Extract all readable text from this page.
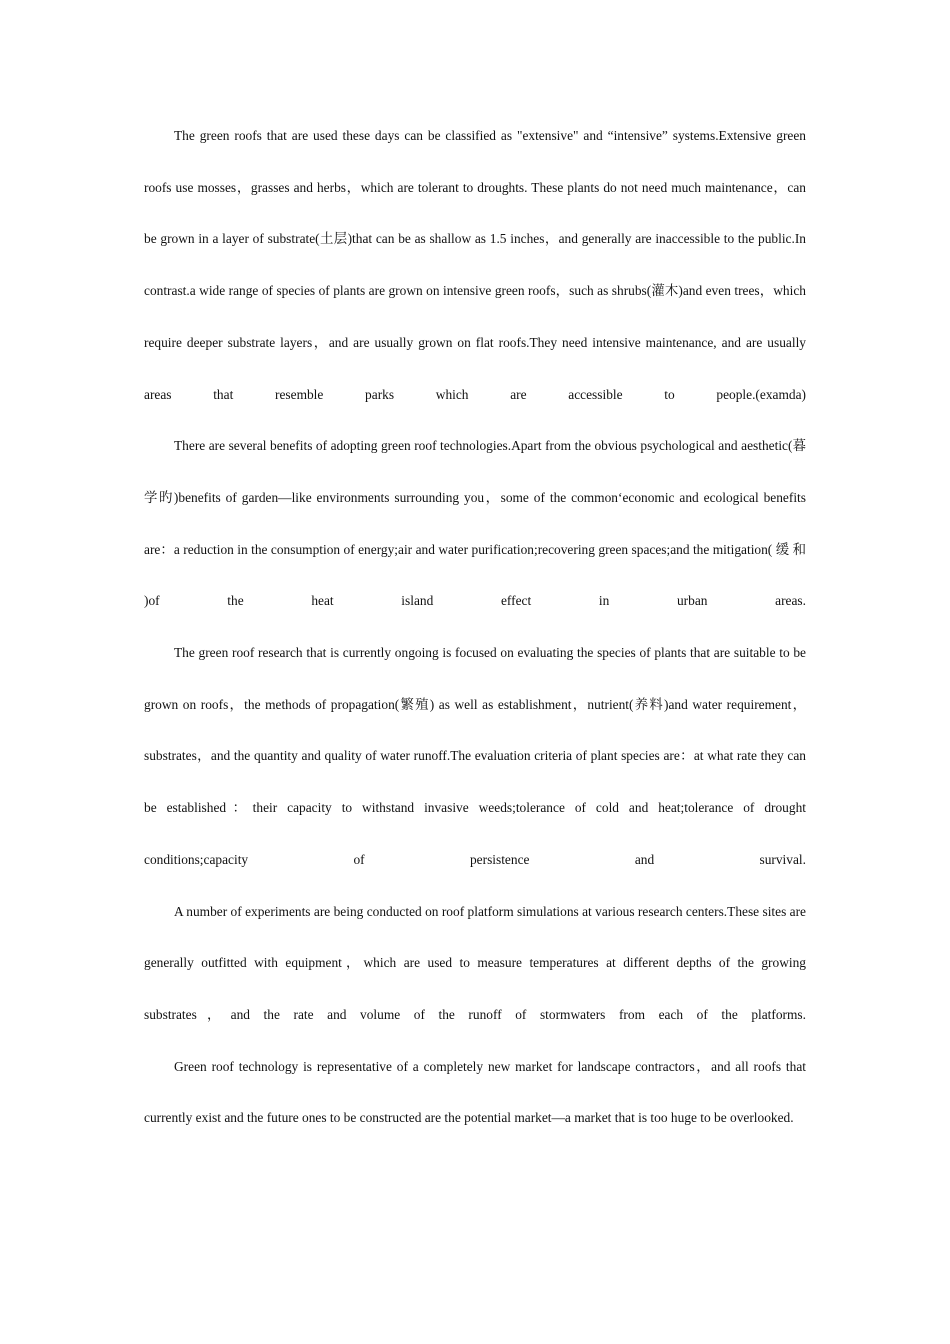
The green roofs that are used these days can be classified as "extensive" and “intensive” systems.Extensive green roofs use mosses，grasses and herbs，which are tolerant to droughts. These plants do not need much maintenance，can be grown in a layer of substrate(土层)that can be as shallow as 1.5 inches，and generally are inaccessible to the public.In contrast.a wide range of species of plants are grown on intensive green roofs，such as shrubs(灌木)and even trees，which require deeper substrate layers，and are usually grown on flat roofs.They need intensive maintenance, and are usually areas that resemble parks which are accessible to people.(examda)

There are several benefits of adopting green roof technologies.Apart from the obvious psychological and aesthetic(暮学旳)benefits of garden—like environments surrounding you，some of the common‘economic and ecological benefits are：a reduction in the consumption of energy;air and water purification;recovering green spaces;and the mitigation( 缓 和 )of the heat island effect in urban areas.

The green roof research that is currently ongoing is focused on evaluating the species of plants that are suitable to be grown on roofs，the methods of propagation(繁殖) as well as establishment，nutrient(养料)and water requirement，substrates，and the quantity and quality of water runoff.The evaluation criteria of plant species are：at what rate they can be established：their capacity to withstand invasive weeds;tolerance of cold and heat;tolerance of drought conditions;capacity of persistence and survival.

A number of experiments are being conducted on roof platform simulations at various research centers.These sites are generally outfitted with equipment，which are used to measure temperatures at different depths of the growing substrates，and the rate and volume of the runoff of stormwaters from each of the platforms.

Green roof technology is representative of a completely new market for landscape contractors，and all roofs that currently exist and the future ones to be constructed are the potential market—a market that is too huge to be overlooked.
